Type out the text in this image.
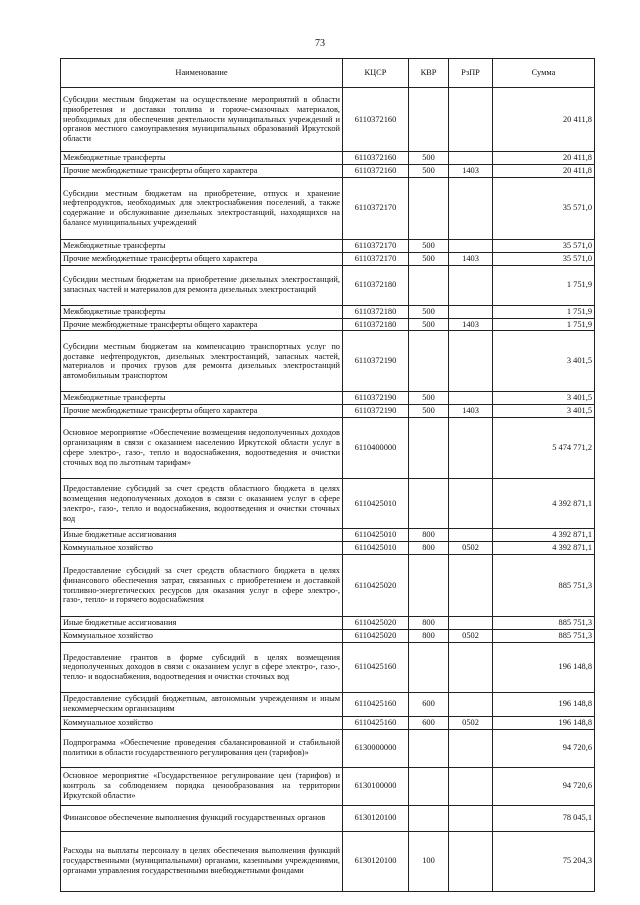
73
Наименование	КЦСР	КВР	РзПР	Сумма
Субсидии местным бюджетам на осуществление мероприятий в области приобретения и доставки топлива и горюче-смазочных материалов, необходимых для обеспечения деятельности муниципальных учреждений и органов местного самоуправления муниципальных образований Иркутской области	6110372160			20 411,8
Межбюджетные трансферты	6110372160	500		20 411,8
Прочие межбюджетные трансферты общего характера	6110372160	500	1403	20 411,8
Субсидии местным бюджетам на приобретение, отпуск и хранение нефтепродуктов, необходимых для электроснабжения поселений, а также содержание и обслуживание дизельных электростанций, находящихся на балансе муниципальных учреждений	6110372170			35 571,0
Межбюджетные трансферты	6110372170	500		35 571,0
Прочие межбюджетные трансферты общего характера	6110372170	500	1403	35 571,0
Субсидии местным бюджетам на приобретение дизельных электростанций, запасных частей и материалов для ремонта дизельных электростанций	6110372180			1 751,9
Межбюджетные трансферты	6110372180	500		1 751,9
Прочие межбюджетные трансферты общего характера	6110372180	500	1403	1 751,9
Субсидии местным бюджетам на компенсацию транспортных услуг по доставке нефтепродуктов, дизельных электростанций, запасных частей, материалов и прочих грузов для ремонта дизельных электростанций автомобильным транспортом	6110372190			3 401,5
Межбюджетные трансферты	6110372190	500		3 401,5
Прочие межбюджетные трансферты общего характера	6110372190	500	1403	3 401,5
Основное мероприятие «Обеспечение возмещения недополученных доходов организациям в связи с оказанием населению Иркутской области услуг в сфере электро-, газо-, тепло и водоснабжения, водоотведения и очистки сточных вод по льготным тарифам»	6110400000			5 474 771,2
Предоставление субсидий за счет средств областного бюджета в целях возмещения недополученных доходов в связи с оказанием услуг в сфере электро-, газо-, тепло и водоснабжения, водоотведения и очистки сточных вод	6110425010			4 392 871,1
Иные бюджетные ассигнования	6110425010	800		4 392 871,1
Коммунальное хозяйство	6110425010	800	0502	4 392 871,1
Предоставление субсидий за счет средств областного бюджета в целях финансового обеспечения затрат, связанных с приобретением и доставкой топливно-энергетических ресурсов для оказания услуг в сфере электро-, газо-, тепло- и горячего водоснабжения	6110425020			885 751,3
Иные бюджетные ассигнования	6110425020	800		885 751,3
Коммунальное хозяйство	6110425020	800	0502	885 751,3
Предоставление грантов в форме субсидий в целях возмещения недополученных доходов в связи с оказанием услуг в сфере электро-, газо-, тепло- и водоснабжения, водоотведения и очистки сточных вод	6110425160			196 148,8
Предоставление субсидий бюджетным, автономным учреждениям и иным некоммерческим организациям	6110425160	600		196 148,8
Коммунальное хозяйство	6110425160	600	0502	196 148,8
Подпрограмма «Обеспечение проведения сбалансированной и стабильной политики в области государственного регулирования цен (тарифов)»	6130000000			94 720,6
Основное мероприятие «Государственное регулирование цен (тарифов) и контроль за соблюдением порядка ценообразования на территории Иркутской области»	6130100000			94 720,6
Финансовое обеспечение выполнения функций государственных органов	6130120100			78 045,1
Расходы на выплаты персоналу в целях обеспечения выполнения функций государственными (муниципальными) органами, казенными учреждениями, органами управления государственными внебюджетными фондами	6130120100	100		75 204,3
